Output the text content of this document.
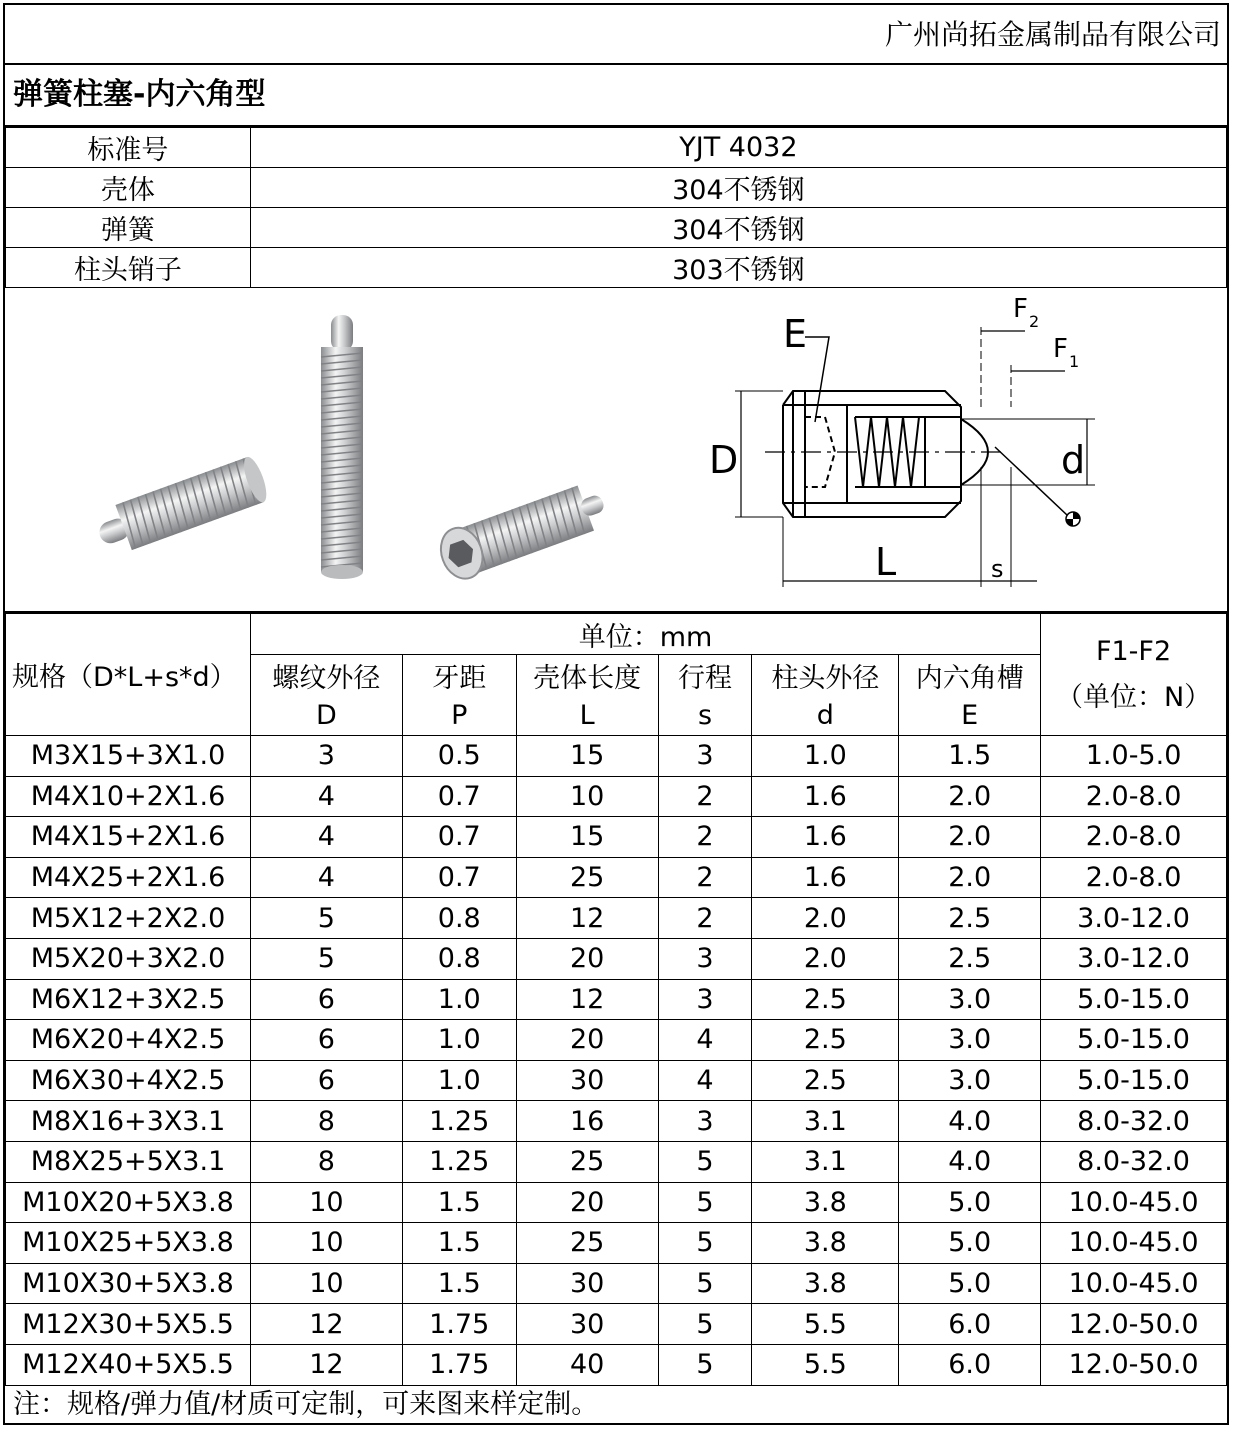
广州尚拓金属制品有限公司
弹簧柱塞-内六角型
标准号	YJT 4032
壳体	304不锈钢
弹簧	304不锈钢
柱头销子	303不锈钢
E
D	d
L	s
F 2
F 1
规格（D*L+s*d）	单位：mm						F1-F2
（单位：N）

	螺纹外径	牙距	壳体长度	行程	柱头外径	内六角槽	
	D	P	L	s	d	E	
M3X15+3X1.0	3	0.5	15	3	1.0	1.5	1.0-5.0
M4X10+2X1.6	4	0.7	10	2	1.6	2.0	2.0-8.0
M4X15+2X1.6	4	0.7	15	2	1.6	2.0	2.0-8.0
M4X25+2X1.6	4	0.7	25	2	1.6	2.0	2.0-8.0
M5X12+2X2.0	5	0.8	12	2	2.0	2.5	3.0-12.0
M5X20+3X2.0	5	0.8	20	3	2.0	2.5	3.0-12.0
M6X12+3X2.5	6	1.0	12	3	2.5	3.0	5.0-15.0
M6X20+4X2.5	6	1.0	20	4	2.5	3.0	5.0-15.0
M6X30+4X2.5	6	1.0	30	4	2.5	3.0	5.0-15.0
M8X16+3X3.1	8	1.25	16	3	3.1	4.0	8.0-32.0
M8X25+5X3.1	8	1.25	25	5	3.1	4.0	8.0-32.0
M10X20+5X3.8	10	1.5	20	5	3.8	5.0	10.0-45.0
M10X25+5X3.8	10	1.5	25	5	3.8	5.0	10.0-45.0
M10X30+5X3.8	10	1.5	30	5	3.8	5.0	10.0-45.0
M12X30+5X5.5	12	1.75	30	5	5.5	6.0	12.0-50.0
M12X40+5X5.5	12	1.75	40	5	5.5	6.0	12.0-50.0
注：规格/弹力值/材质可定制，可来图来样定制。
